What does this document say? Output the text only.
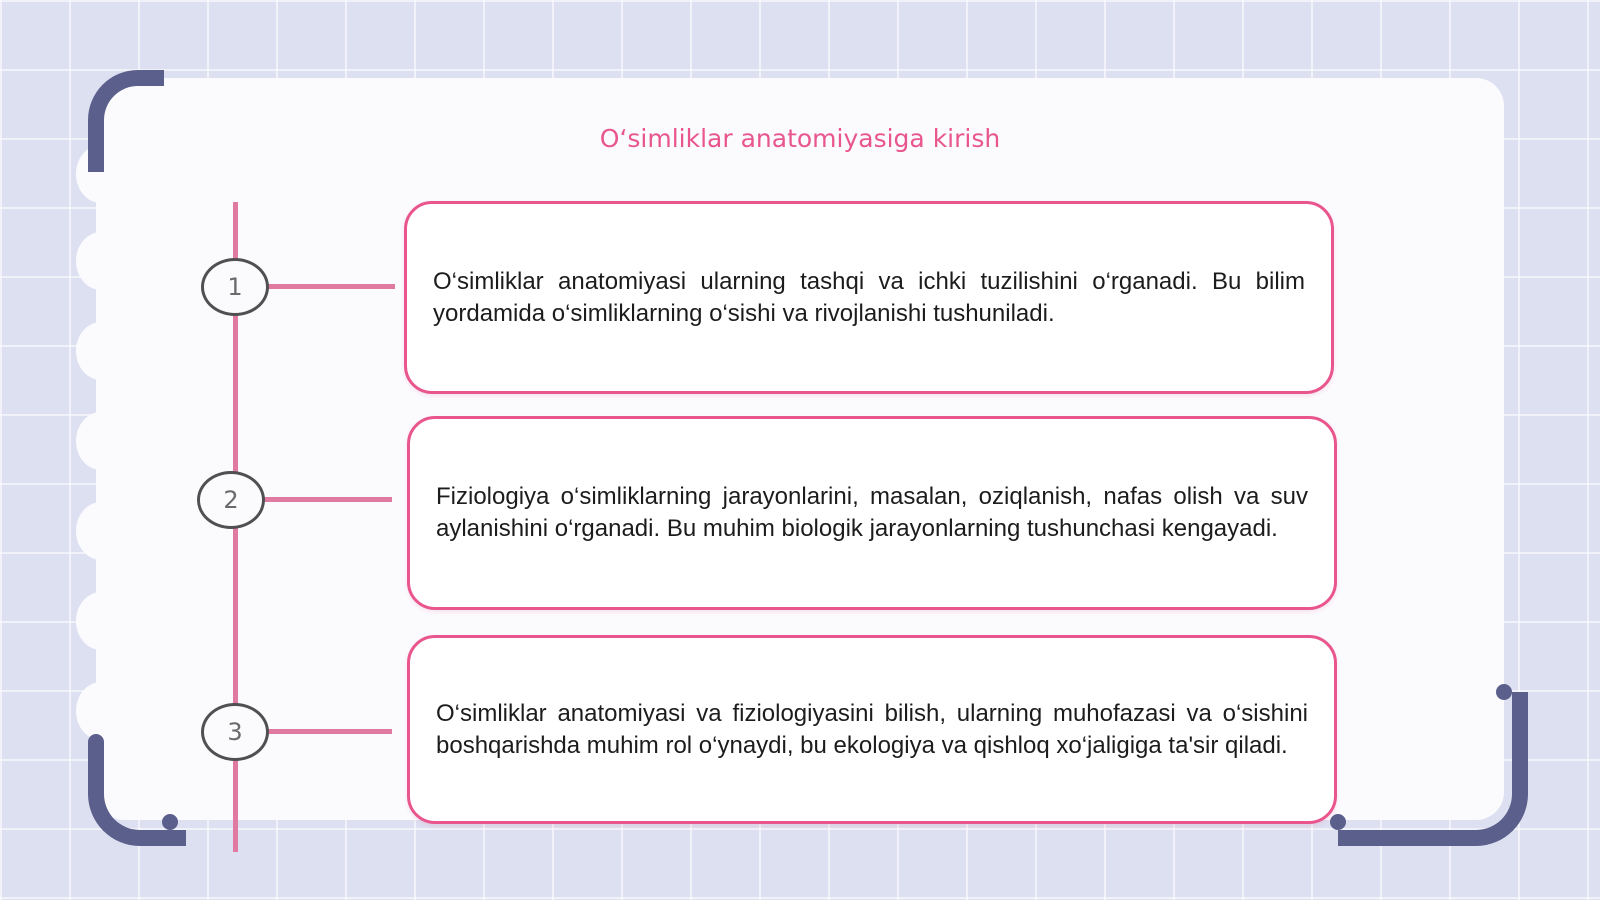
O‘simliklar anatomiyasiga kirish
1	O‘simliklar anatomiyasi ularning tashqi va ichki tuzilishini o‘rganadi. Bu bilim yordamida o‘simliklarning o‘sishi va rivojlanishi tushuniladi.

2	Fiziologiya o‘simliklarning jarayonlarini, masalan, oziqlanish, nafas olish va suv aylanishini o‘rganadi. Bu muhim biologik jarayonlarning tushunchasi kengayadi.

3

O‘simliklar anatomiyasi va fiziologiyasini bilish, ularning muhofazasi va o‘sishini boshqarishda muhim rol o‘ynaydi, bu ekologiya va qishloq xo‘jaligiga ta'sir qiladi.
